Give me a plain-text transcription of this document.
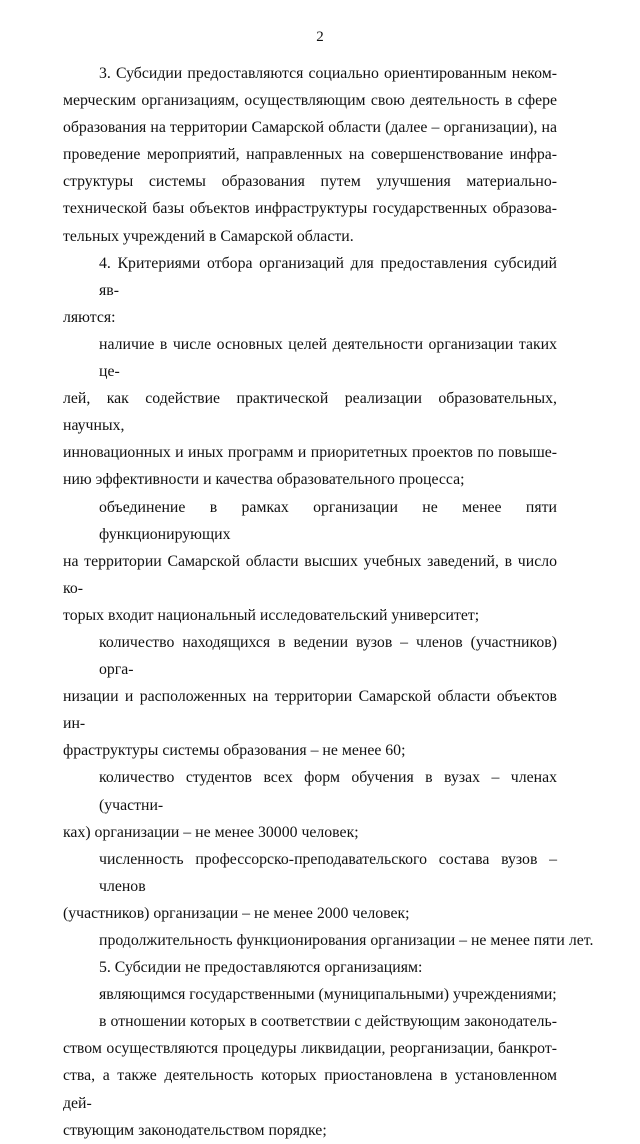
2
3. Субсидии предоставляются социально ориентированным неком-
мерческим организациям, осуществляющим свою деятельность в сфере
образования на территории Самарской области (далее – организации), на
проведение мероприятий, направленных на совершенствование инфра-
структуры системы образования путем улучшения материально-
технической базы объектов инфраструктуры государственных образова-
тельных учреждений в Самарской области.
4. Критериями отбора организаций для предоставления субсидий яв-
ляются:
наличие в числе основных целей деятельности организации таких це-
лей, как содействие практической реализации образовательных, научных,
инновационных и иных программ и приоритетных проектов по повыше-
нию эффективности и качества образовательного процесса;
объединение в рамках организации не менее пяти функционирующих
на территории Самарской области высших учебных заведений, в число ко-
торых входит национальный исследовательский университет;
количество находящихся в ведении вузов – членов (участников) орга-
низации и расположенных на территории Самарской области объектов ин-
фраструктуры системы образования – не менее 60;
количество студентов всех форм обучения в вузах – членах (участни-
ках) организации – не менее 30000 человек;
численность профессорско-преподавательского состава вузов – членов
(участников) организации – не менее 2000 человек;
продолжительность функционирования организации – не менее пяти лет.
5. Субсидии не предоставляются организациям:
являющимся государственными (муниципальными) учреждениями;
в отношении которых в соответствии с действующим законодатель-
ством осуществляются процедуры ликвидации, реорганизации, банкрот-
ства, а также деятельность которых приостановлена в установленном дей-
ствующим законодательством порядке;
